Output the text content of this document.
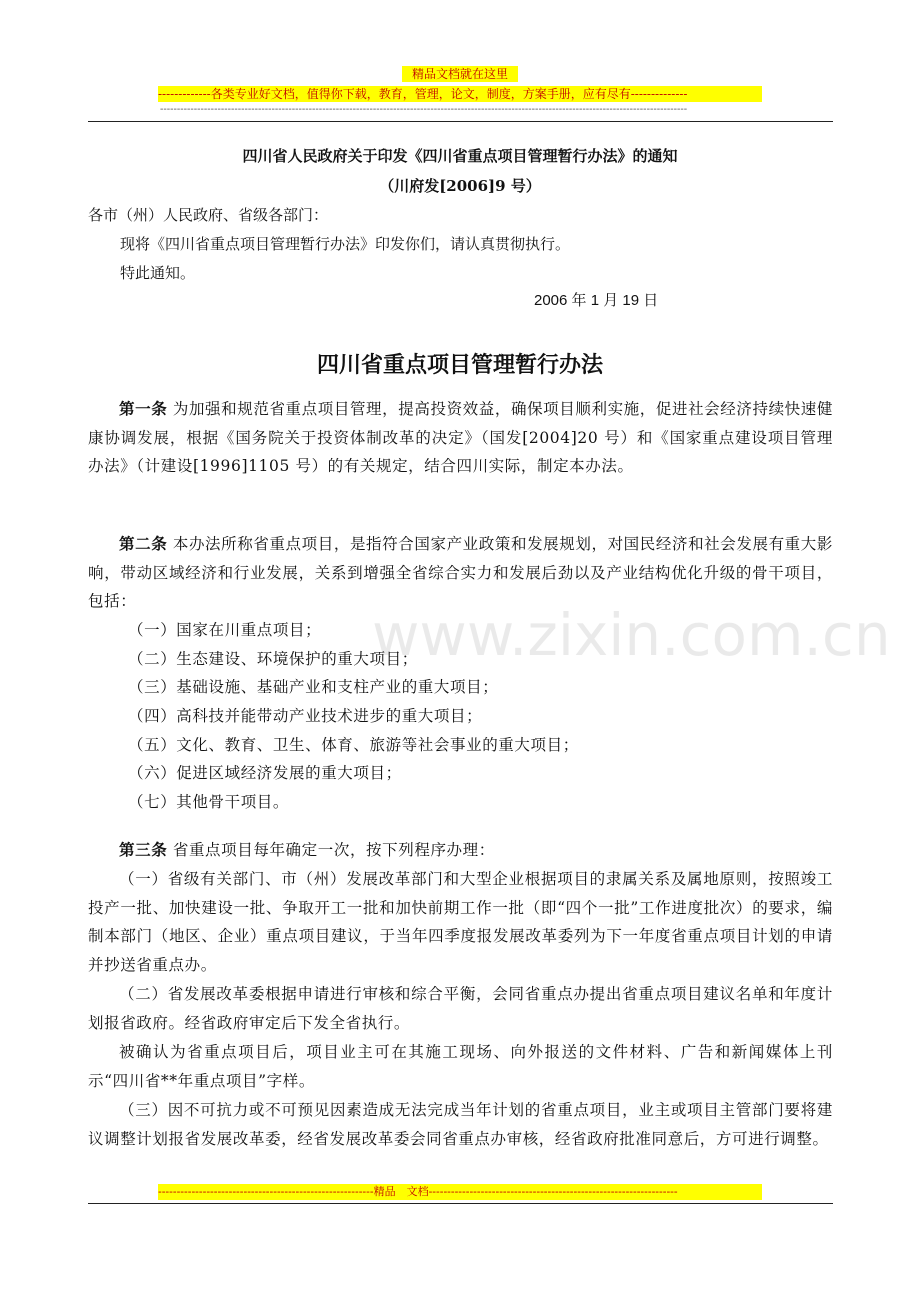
精品文档就在这里
-------------各类专业好文档，值得你下载，教育，管理，论文，制度，方案手册，应有尽有--------------
------------------------------------------------------------------------------------------------------------------------------------------------------------
www.zixin.com.cn
四川省人民政府关于印发《四川省重点项目管理暂行办法》的通知
（川府发[2006]9 号）
各市（州）人民政府、省级各部门：
现将《四川省重点项目管理暂行办法》印发你们，请认真贯彻执行。
特此通知。
2006 年 1 月 19 日
四川省重点项目管理暂行办法

第一条 为加强和规范省重点项目管理，提高投资效益，确保项目顺利实施，促进社会经济持续快速健康协调发展，根据《国务院关于投资体制改革的决定》（国发[2004]20 号）和《国家重点建设项目管理办法》（计建设[1996]1105 号）的有关规定，结合四川实际，制定本办法。

第二条 本办法所称省重点项目，是指符合国家产业政策和发展规划，对国民经济和社会发展有重大影响，带动区域经济和行业发展，关系到增强全省综合实力和发展后劲以及产业结构优化升级的骨干项目，包括：

（一）国家在川重点项目；
（二）生态建设、环境保护的重大项目；
（三）基础设施、基础产业和支柱产业的重大项目；
（四）高科技并能带动产业技术进步的重大项目；
（五）文化、教育、卫生、体育、旅游等社会事业的重大项目；
（六）促进区域经济发展的重大项目；
（七）其他骨干项目。

第三条 省重点项目每年确定一次，按下列程序办理：

（一）省级有关部门、市（州）发展改革部门和大型企业根据项目的隶属关系及属地原则，按照竣工投产一批、加快建设一批、争取开工一批和加快前期工作一批（即“四个一批”工作进度批次）的要求，编制本部门（地区、企业）重点项目建议，于当年四季度报发展改革委列为下一年度省重点项目计划的申请并抄送省重点办。

（二）省发展改革委根据申请进行审核和综合平衡，会同省重点办提出省重点项目建议名单和年度计划报省政府。经省政府审定后下发全省执行。

被确认为省重点项目后，项目业主可在其施工现场、向外报送的文件材料、广告和新闻媒体上刊示“四川省**年重点项目”字样。

（三）因不可抗力或不可预见因素造成无法完成当年计划的省重点项目，业主或项目主管部门要将建议调整计划报省发展改革委，经省发展改革委会同省重点办审核，经省政府批准同意后，方可进行调整。

----------------------------------------------------------精品　文档-------------------------------------------------------------------
